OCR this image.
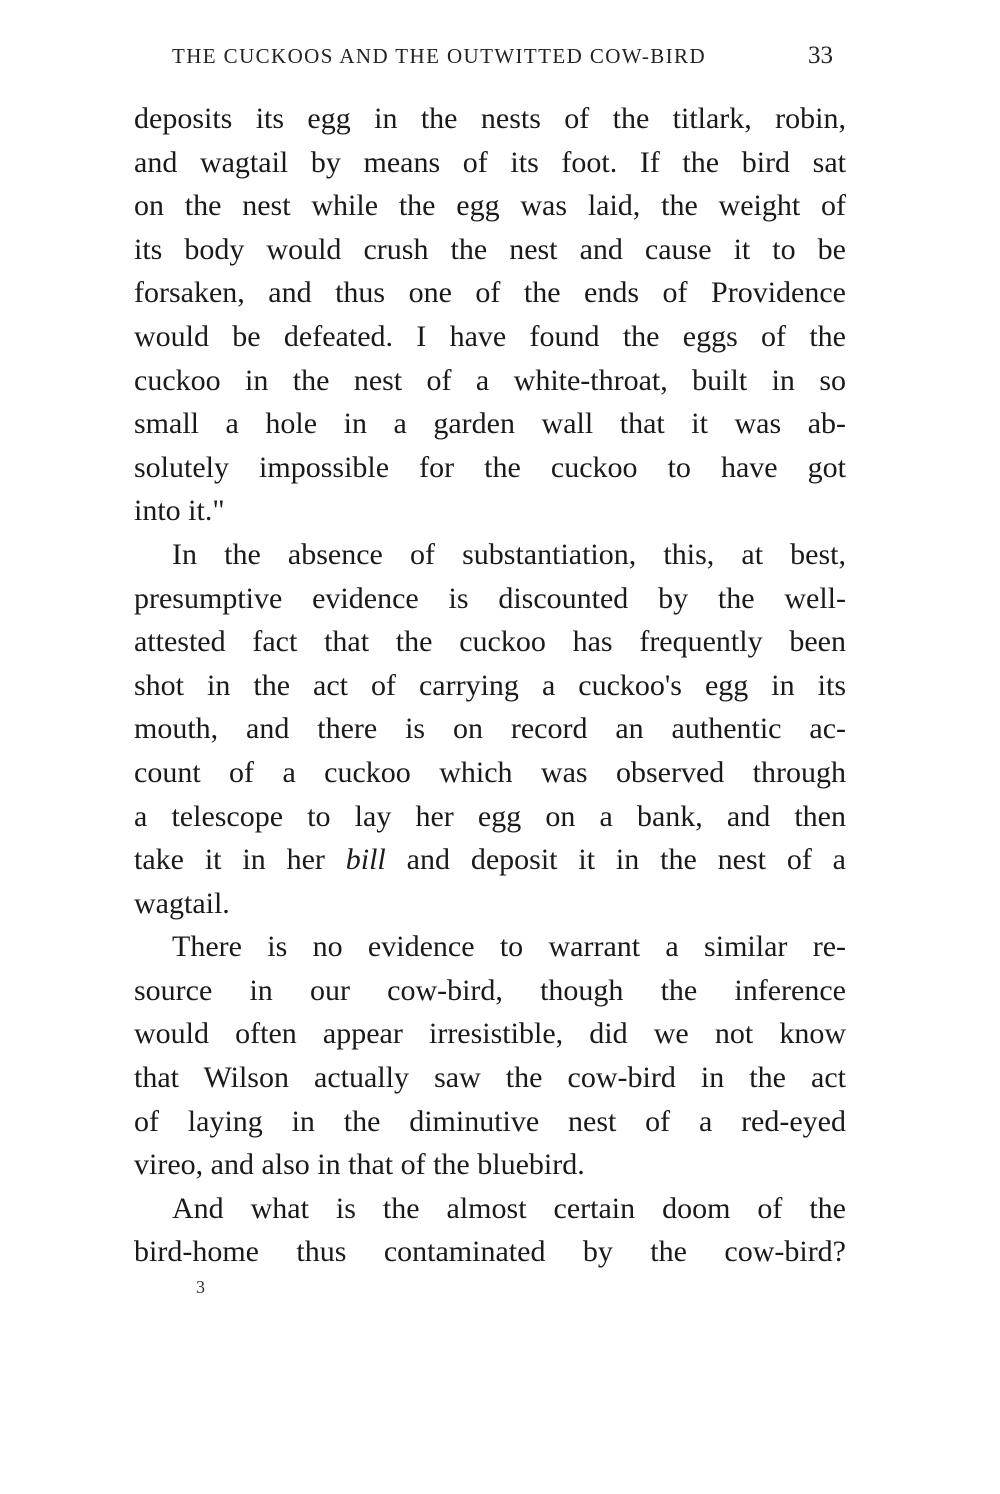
THE CUCKOOS AND THE OUTWITTED COW-BIRD	33
deposits its egg in the nests of the titlark, robin,
and wagtail by means of its foot. If the bird sat
on the nest while the egg was laid, the weight of
its body would crush the nest and cause it to be
forsaken, and thus one of the ends of Providence
would be defeated. I have found the eggs of the
cuckoo in the nest of a white-throat, built in so
small a hole in a garden wall that it was ab-
solutely impossible for the cuckoo to have got
into it."
In the absence of substantiation, this, at best,
presumptive evidence is discounted by the well-
attested fact that the cuckoo has frequently been
shot in the act of carrying a cuckoo's egg in its
mouth, and there is on record an authentic ac-
count of a cuckoo which was observed through
a telescope to lay her egg on a bank, and then
take it in her bill and deposit it in the nest of a
wagtail.
There is no evidence to warrant a similar re-
source in our cow-bird, though the inference
would often appear irresistible, did we not know
that Wilson actually saw the cow-bird in the act
of laying in the diminutive nest of a red-eyed
vireo, and also in that of the bluebird.
And what is the almost certain doom of the
bird-home thus contaminated by the cow-bird?
3
